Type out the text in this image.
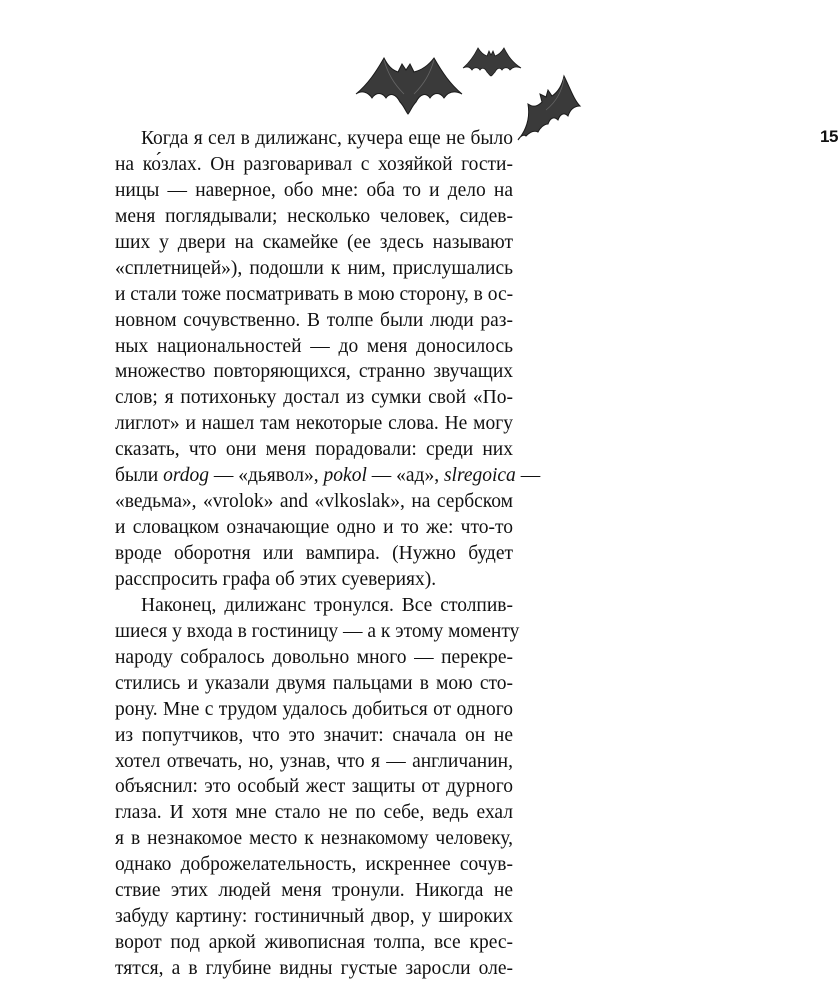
15
Когда я сел в дилижанс, кучера еще не было
на ко́злах. Он разговаривал с хозяйкой гости-
ницы — наверное, обо мне: оба то и дело на
меня поглядывали; несколько человек, сидев-
ших у двери на скамейке (ее здесь называют
«сплетницей»), подошли к ним, прислушались
и стали тоже посматривать в мою сторону, в ос-
новном сочувственно. В толпе были люди раз-
ных национальностей — до меня доносилось
множество повторяющихся, странно звучащих
слов; я потихоньку достал из сумки свой «По-
лиглот» и нашел там некоторые слова. Не могу
сказать, что они меня порадовали: среди них
были ordog — «дьявол», pokol — «ад», slregoica —
«ведьма», «vrolok» and «vlkoslak», на сербском
и словацком означающие одно и то же: что-то
вроде оборотня или вампира. (Нужно будет
расспросить графа об этих суевериях).
Наконец, дилижанс тронулся. Все столпив-
шиеся у входа в гостиницу — а к этому моменту
народу собралось довольно много — перекре-
стились и указали двумя пальцами в мою сто-
рону. Мне с трудом удалось добиться от одного
из попутчиков, что это значит: сначала он не
хотел отвечать, но, узнав, что я — англичанин,
объяснил: это особый жест защиты от дурного
глаза. И хотя мне стало не по себе, ведь ехал
я в незнакомое место к незнакомому человеку,
однако доброжелательность, искреннее сочув-
ствие этих людей меня тронули. Никогда не
забуду картину: гостиничный двор, у широких
ворот под аркой живописная толпа, все крес-
тятся, а в глубине видны густые заросли оле-
